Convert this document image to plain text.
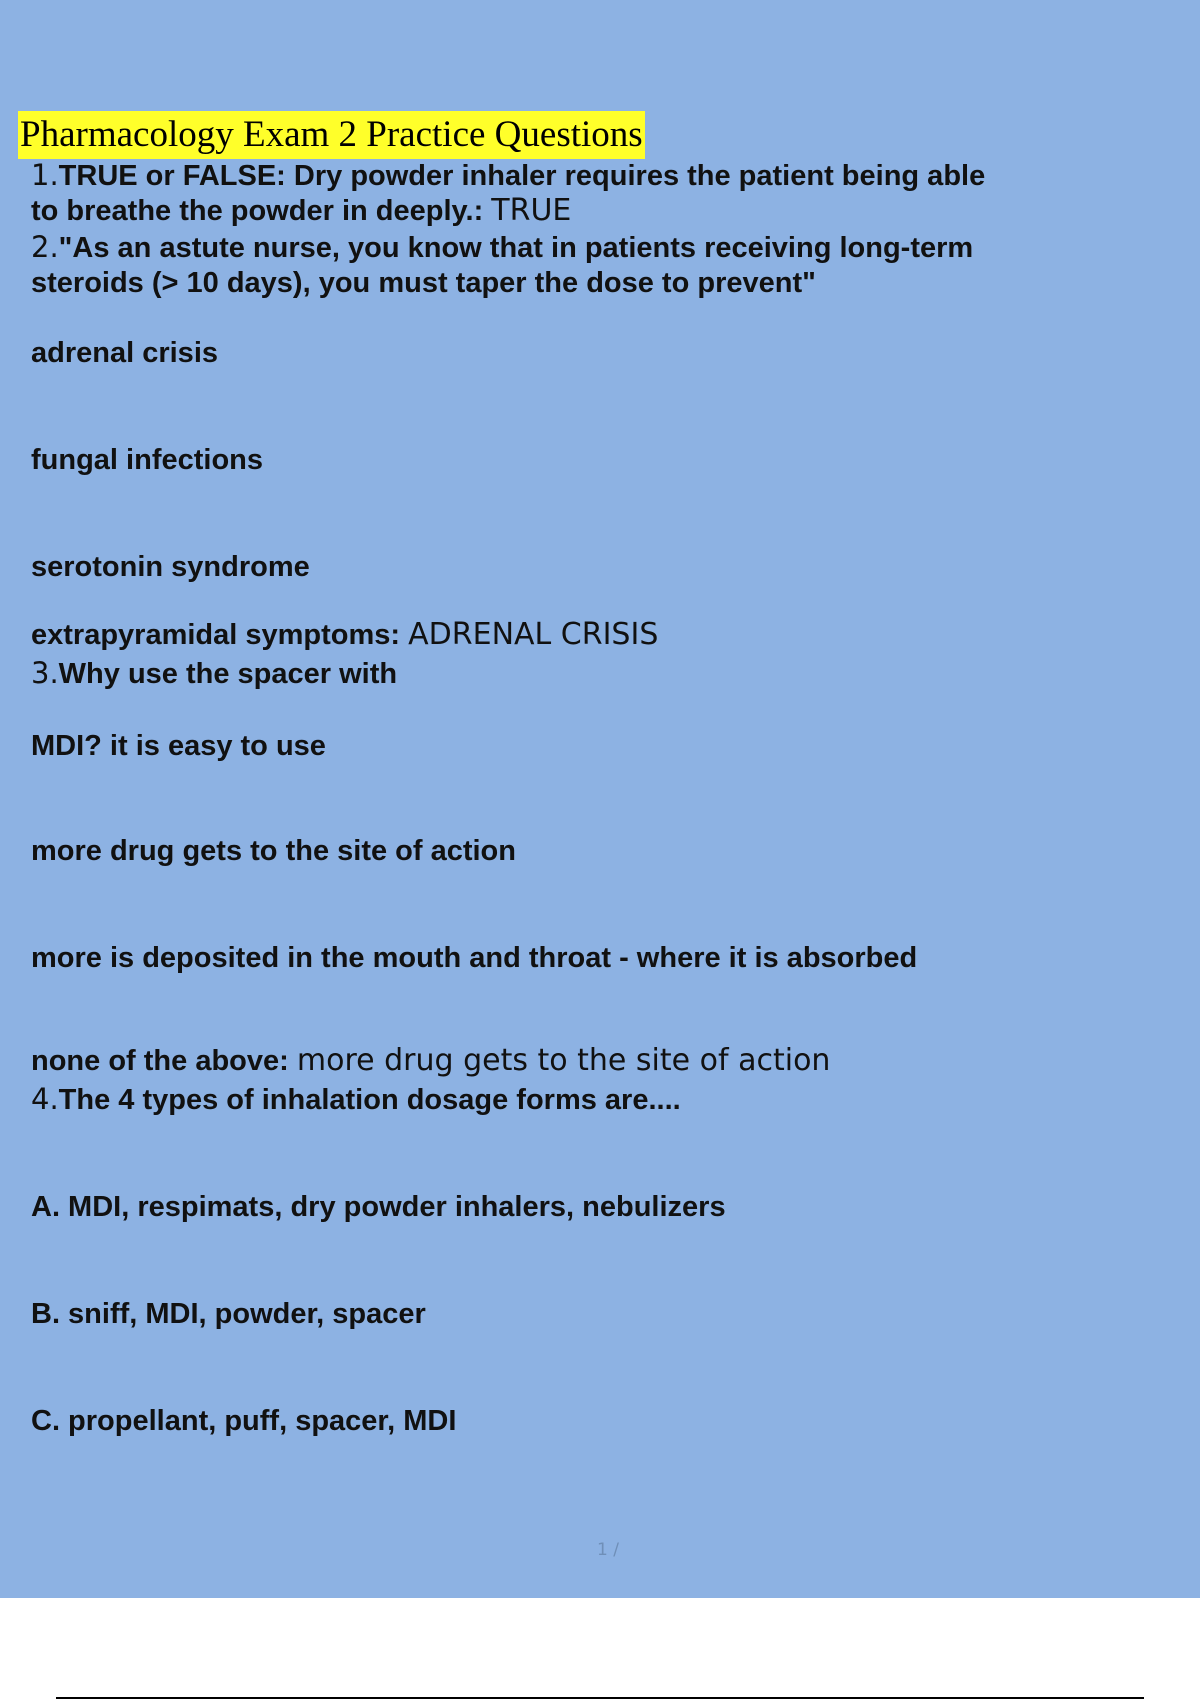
Pharmacology Exam 2 Practice Questions
1.TRUE or FALSE: Dry powder inhaler requires the patient being able
to breathe the powder in deeply.: TRUE
2."As an astute nurse, you know that in patients receiving long-term
steroids (> 10 days), you must taper the dose to prevent"
adrenal crisis
fungal infections
serotonin syndrome
extrapyramidal symptoms: ADRENAL CRISIS
3.Why use the spacer with
MDI? it is easy to use
more drug gets to the site of action
more is deposited in the mouth and throat - where it is absorbed
none of the above: more drug gets to the site of action
4.The 4 types of inhalation dosage forms are....
A. MDI, respimats, dry powder inhalers, nebulizers
B. sniff, MDI, powder, spacer
C. propellant, puff, spacer, MDI
1 /
